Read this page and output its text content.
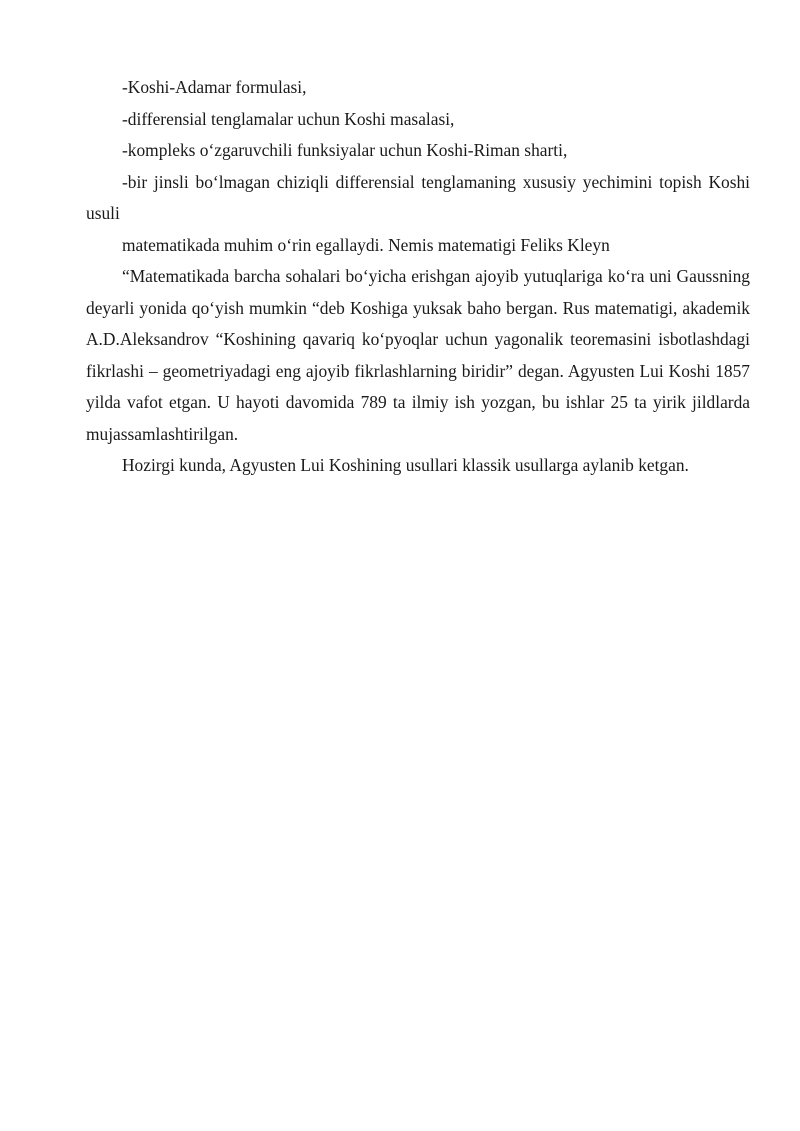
-Koshi-Adamar formulasi,

-differensial tenglamalar uchun Koshi masalasi,

-kompleks o‘zgaruvchili funksiyalar uchun Koshi-Riman sharti,

-bir jinsli bo‘lmagan chiziqli differensial tenglamaning xususiy yechimini topish Koshi usuli

matematikada muhim o‘rin egallaydi. Nemis matematigi Feliks Kleyn

“Matematikada barcha sohalari bo‘yicha erishgan ajoyib yutuqlariga ko‘ra uni Gaussning deyarli yonida qo‘yish mumkin “deb Koshiga yuksak baho bergan. Rus matematigi, akademik A.D.Aleksandrov “Koshining qavariq ko‘pyoqlar uchun yagonalik teoremasini isbotlashdagi fikrlashi – geometriyadagi eng ajoyib fikrlashlarning biridir” degan. Agyusten Lui Koshi 1857 yilda vafot etgan. U hayoti davomida 789 ta ilmiy ish yozgan, bu ishlar 25 ta yirik jildlarda mujassamlashtirilgan.

Hozirgi kunda, Agyusten Lui Koshining usullari klassik usullarga aylanib ketgan.
